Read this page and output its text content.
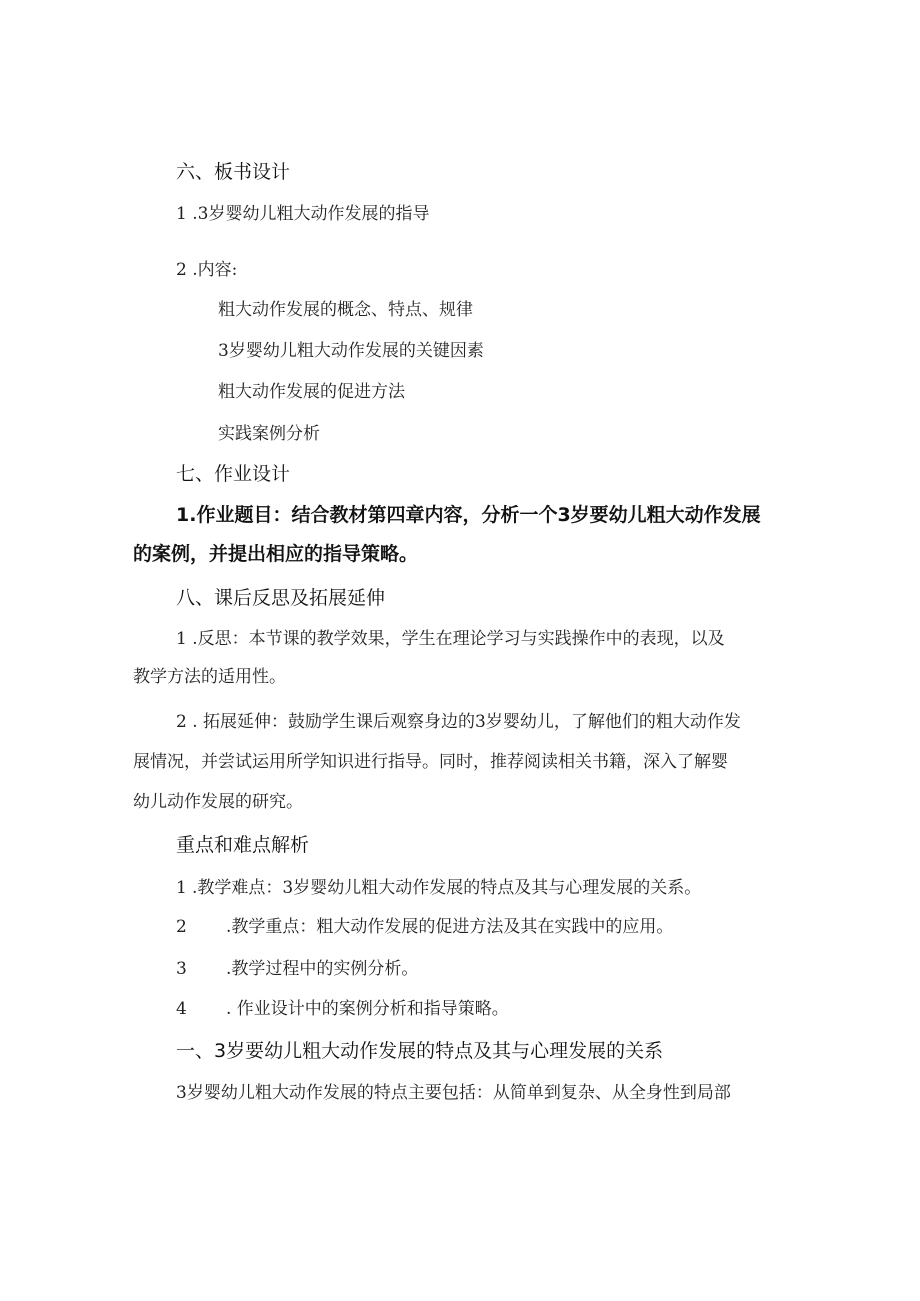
六、板书设计
1 .3岁婴幼儿粗大动作发展的指导
2 .内容:
粗大动作发展的概念、特点、规律
3岁婴幼儿粗大动作发展的关键因素
粗大动作发展的促进方法
实践案例分析
七、作业设计
1.作业题目：结合教材第四章内容，分析一个3岁要幼儿粗大动作发展
的案例，并提出相应的指导策略。
八、课后反思及拓展延伸
1 .反思：本节课的教学效果，学生在理论学习与实践操作中的表现，以及
教学方法的适用性。
2 . 拓展延伸：鼓励学生课后观察身边的3岁婴幼儿，了解他们的粗大动作发
展情况，并尝试运用所学知识进行指导。同时，推荐阅读相关书籍，深入了解婴
幼儿动作发展的研究。
重点和难点解析
1 .教学难点：3岁婴幼儿粗大动作发展的特点及其与心理发展的关系。
2 .教学重点：粗大动作发展的促进方法及其在实践中的应用。
3 .教学过程中的实例分析。
4 . 作业设计中的案例分析和指导策略。
一、3岁要幼儿粗大动作发展的特点及其与心理发展的关系
3岁婴幼儿粗大动作发展的特点主要包括：从简单到复杂、从全身性到局部
